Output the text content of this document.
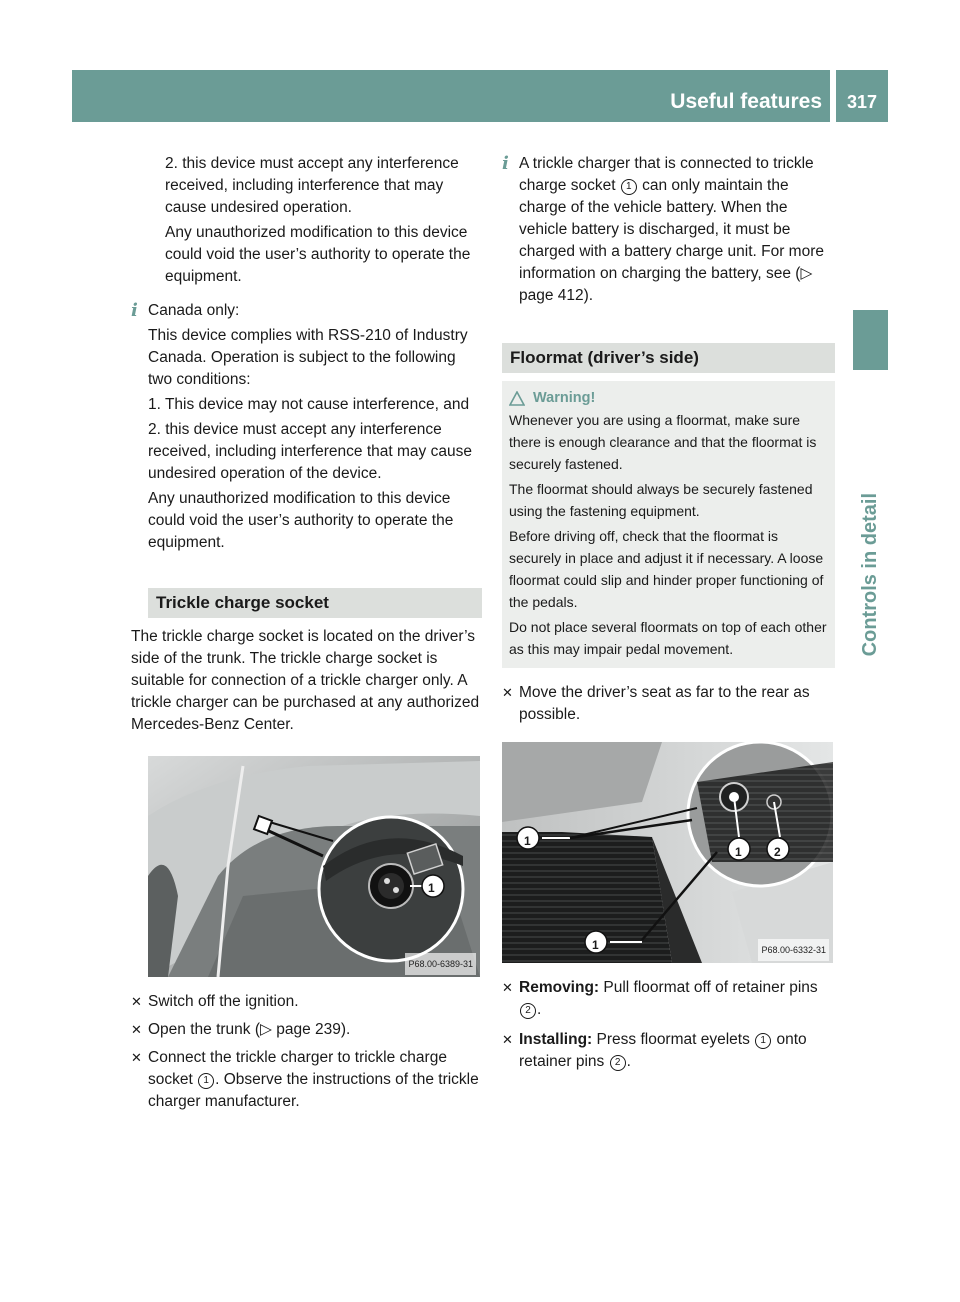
Useful features	317
Controls in detail

2. this device must accept any interference received, including interference that may cause undesired operation.

Any unauthorized modification to this device could void the user’s authority to operate the equipment.

i Canada only:

This device complies with RSS-210 of Industry Canada. Operation is subject to the following two conditions:

1. This device may not cause interference, and

2. this device must accept any interference received, including interference that may cause undesired operation of the device.

Any unauthorized modification to this device could void the user’s authority to operate the equipment.

Trickle charge socket

The trickle charge socket is located on the driver’s side of the trunk. The trickle charge socket is suitable for connection of a trickle charger only. A trickle charger can be purchased at any authorized Mercedes-Benz Center.

1
P68.00-6389-31
✕ Switch off the ignition.

✕ Open the trunk (▷ page 239).

✕ Connect the trickle charger to trickle charge socket 1 . Observe the instructions of the trickle charger manufacturer.

i A trickle charger that is connected to trickle charge socket 1 can only maintain the charge of the vehicle battery. When the vehicle battery is discharged, it must be charged with a battery charge unit. For more information on charging the battery, see (▷ page 412).

Floormat (driver’s side)
Warning!

Whenever you are using a floormat, make sure there is enough clearance and that the floormat is securely fastened.

The floormat should always be securely fastened using the fastening equipment.

Before driving off, check that the floormat is securely in place and adjust it if necessary. A loose floormat could slip and hinder proper functioning of the pedals.

Do not place several floormats on top of each other as this may impair pedal movement.

✕ Move the driver’s seat as far to the rear as possible.

1
1	2
1	P68.00-6332-31
✕ Removing: Pull floormat off of retainer pins 2 .

✕ Installing: Press floormat eyelets 1 onto retainer pins 2 .
